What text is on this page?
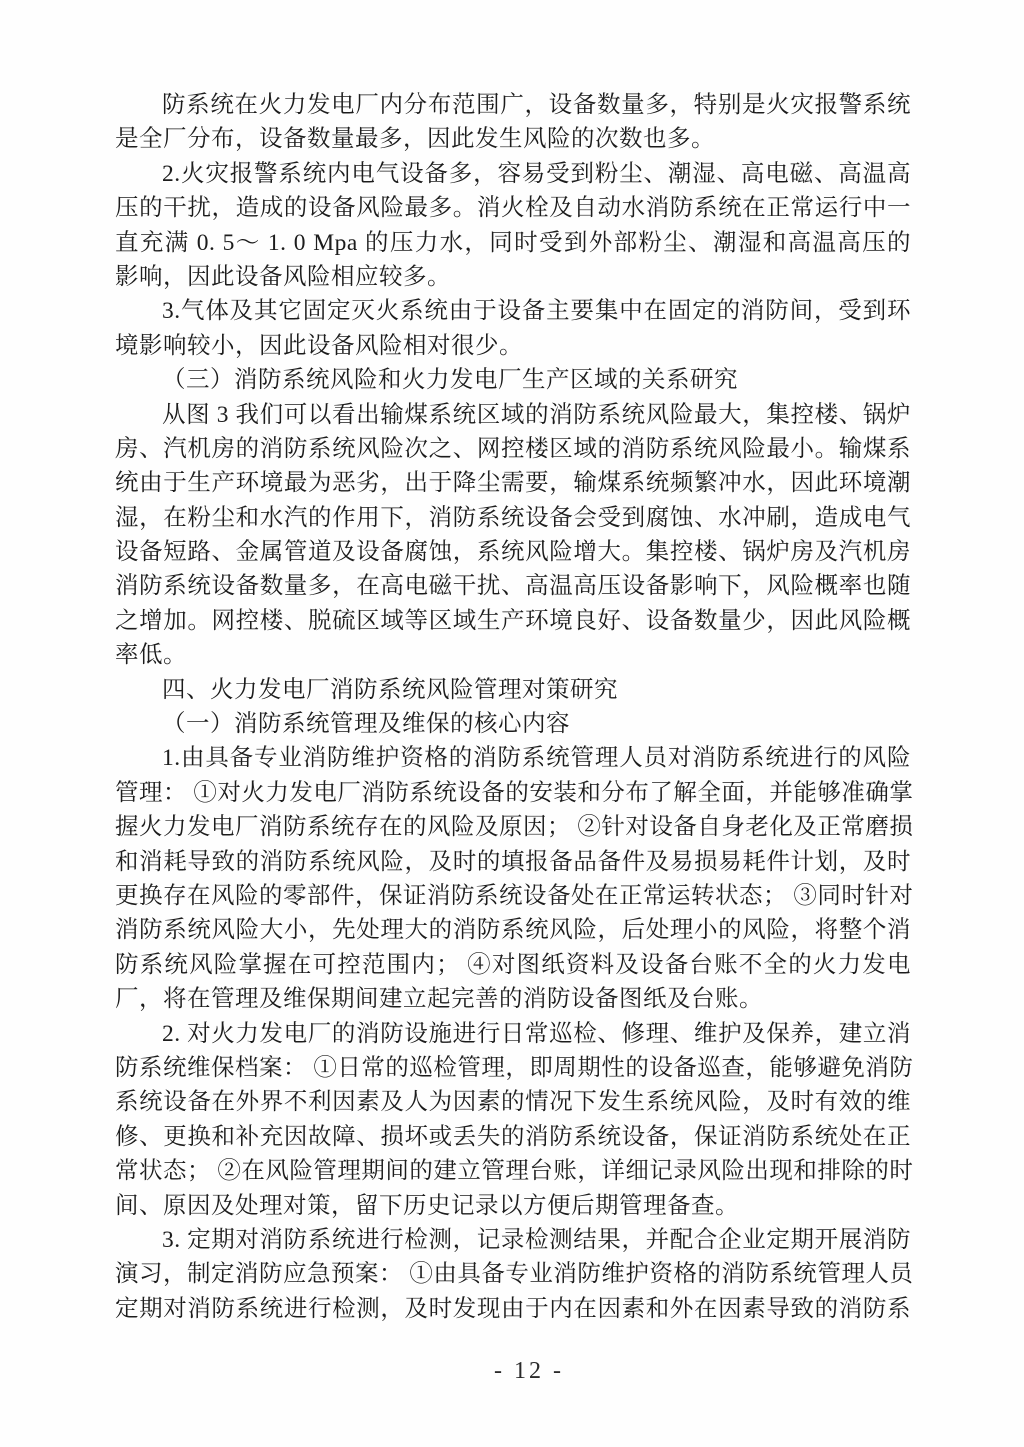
防系统在火力发电厂内分布范围广，设备数量多，特别是火灾报警系统
是全厂分布，设备数量最多，因此发生风险的次数也多。
2.火灾报警系统内电气设备多，容易受到粉尘、潮湿、高电磁、高温高
压的干扰，造成的设备风险最多。消火栓及自动水消防系统在正常运行中一
直充满 0. 5～ 1. 0 Mpa 的压力水，同时受到外部粉尘、潮湿和高温高压的
影响，因此设备风险相应较多。
3.气体及其它固定灭火系统由于设备主要集中在固定的消防间，受到环
境影响较小，因此设备风险相对很少。
（三）消防系统风险和火力发电厂生产区域的关系研究
从图 3 我们可以看出输煤系统区域的消防系统风险最大，集控楼、锅炉
房、汽机房的消防系统风险次之、网控楼区域的消防系统风险最小。输煤系
统由于生产环境最为恶劣，出于降尘需要，输煤系统频繁冲水，因此环境潮
湿，在粉尘和水汽的作用下，消防系统设备会受到腐蚀、水冲刷，造成电气
设备短路、金属管道及设备腐蚀，系统风险增大。集控楼、锅炉房及汽机房
消防系统设备数量多，在高电磁干扰、高温高压设备影响下，风险概率也随
之增加。网控楼、脱硫区域等区域生产环境良好、设备数量少，因此风险概
率低。
四、火力发电厂消防系统风险管理对策研究
（一）消防系统管理及维保的核心内容
1.由具备专业消防维护资格的消防系统管理人员对消防系统进行的风险
管理： ①对火力发电厂消防系统设备的安装和分布了解全面，并能够准确掌
握火力发电厂消防系统存在的风险及原因； ②针对设备自身老化及正常磨损
和消耗导致的消防系统风险，及时的填报备品备件及易损易耗件计划，及时
更换存在风险的零部件，保证消防系统设备处在正常运转状态； ③同时针对
消防系统风险大小，先处理大的消防系统风险，后处理小的风险，将整个消
防系统风险掌握在可控范围内； ④对图纸资料及设备台账不全的火力发电
厂，将在管理及维保期间建立起完善的消防设备图纸及台账。
2. 对火力发电厂的消防设施进行日常巡检、修理、维护及保养，建立消
防系统维保档案： ①日常的巡检管理，即周期性的设备巡查，能够避免消防
系统设备在外界不利因素及人为因素的情况下发生系统风险，及时有效的维
修、更换和补充因故障、损坏或丢失的消防系统设备，保证消防系统处在正
常状态； ②在风险管理期间的建立管理台账，详细记录风险出现和排除的时
间、原因及处理对策，留下历史记录以方便后期管理备查。
3. 定期对消防系统进行检测，记录检测结果，并配合企业定期开展消防
演习，制定消防应急预案： ①由具备专业消防维护资格的消防系统管理人员
定期对消防系统进行检测，及时发现由于内在因素和外在因素导致的消防系
- 12 -
